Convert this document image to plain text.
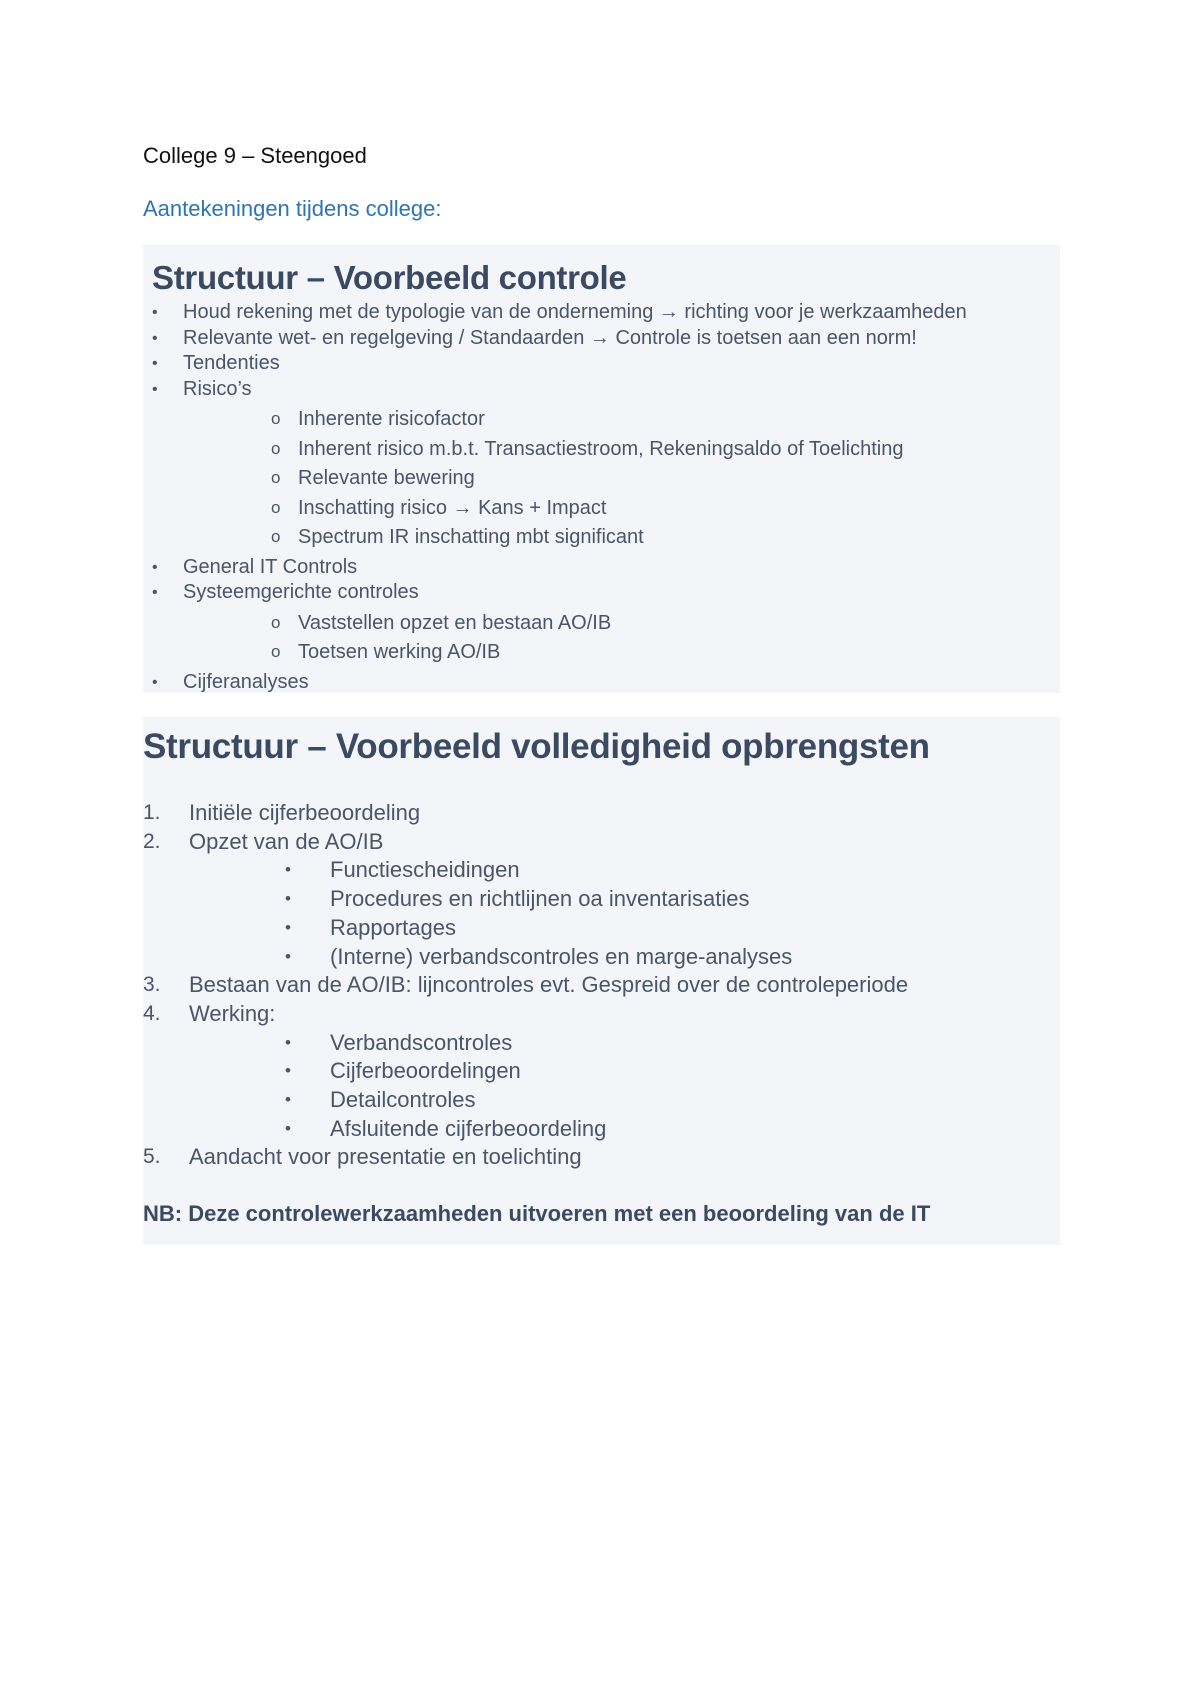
College 9 – Steengoed
Aantekeningen tijdens college:
Structuur – Voorbeeld controle
• Houd rekening met de typologie van de onderneming → richting voor je werkzaamheden
• Relevante wet- en regelgeving / Standaarden → Controle is toetsen aan een norm!
• Tendenties
• Risico’s
o Inherente risicofactor
o Inherent risico m.b.t. Transactiestroom, Rekeningsaldo of Toelichting
o Relevante bewering
o Inschatting risico → Kans + Impact
o Spectrum IR inschatting mbt significant
• General IT Controls
• Systeemgerichte controles
o Vaststellen opzet en bestaan AO/IB
o Toetsen werking AO/IB
• Cijferanalyses
Structuur – Voorbeeld volledigheid opbrengsten
1. Initiële cijferbeoordeling
2. Opzet van de AO/IB
• Functiescheidingen
• Procedures en richtlijnen oa inventarisaties
• Rapportages
• (Interne) verbandscontroles en marge-analyses
3. Bestaan van de AO/IB: lijncontroles evt. Gespreid over de controleperiode
4. Werking:
• Verbandscontroles
• Cijferbeoordelingen
• Detailcontroles
• Afsluitende cijferbeoordeling
5. Aandacht voor presentatie en toelichting
NB: Deze controlewerkzaamheden uitvoeren met een beoordeling van de IT
